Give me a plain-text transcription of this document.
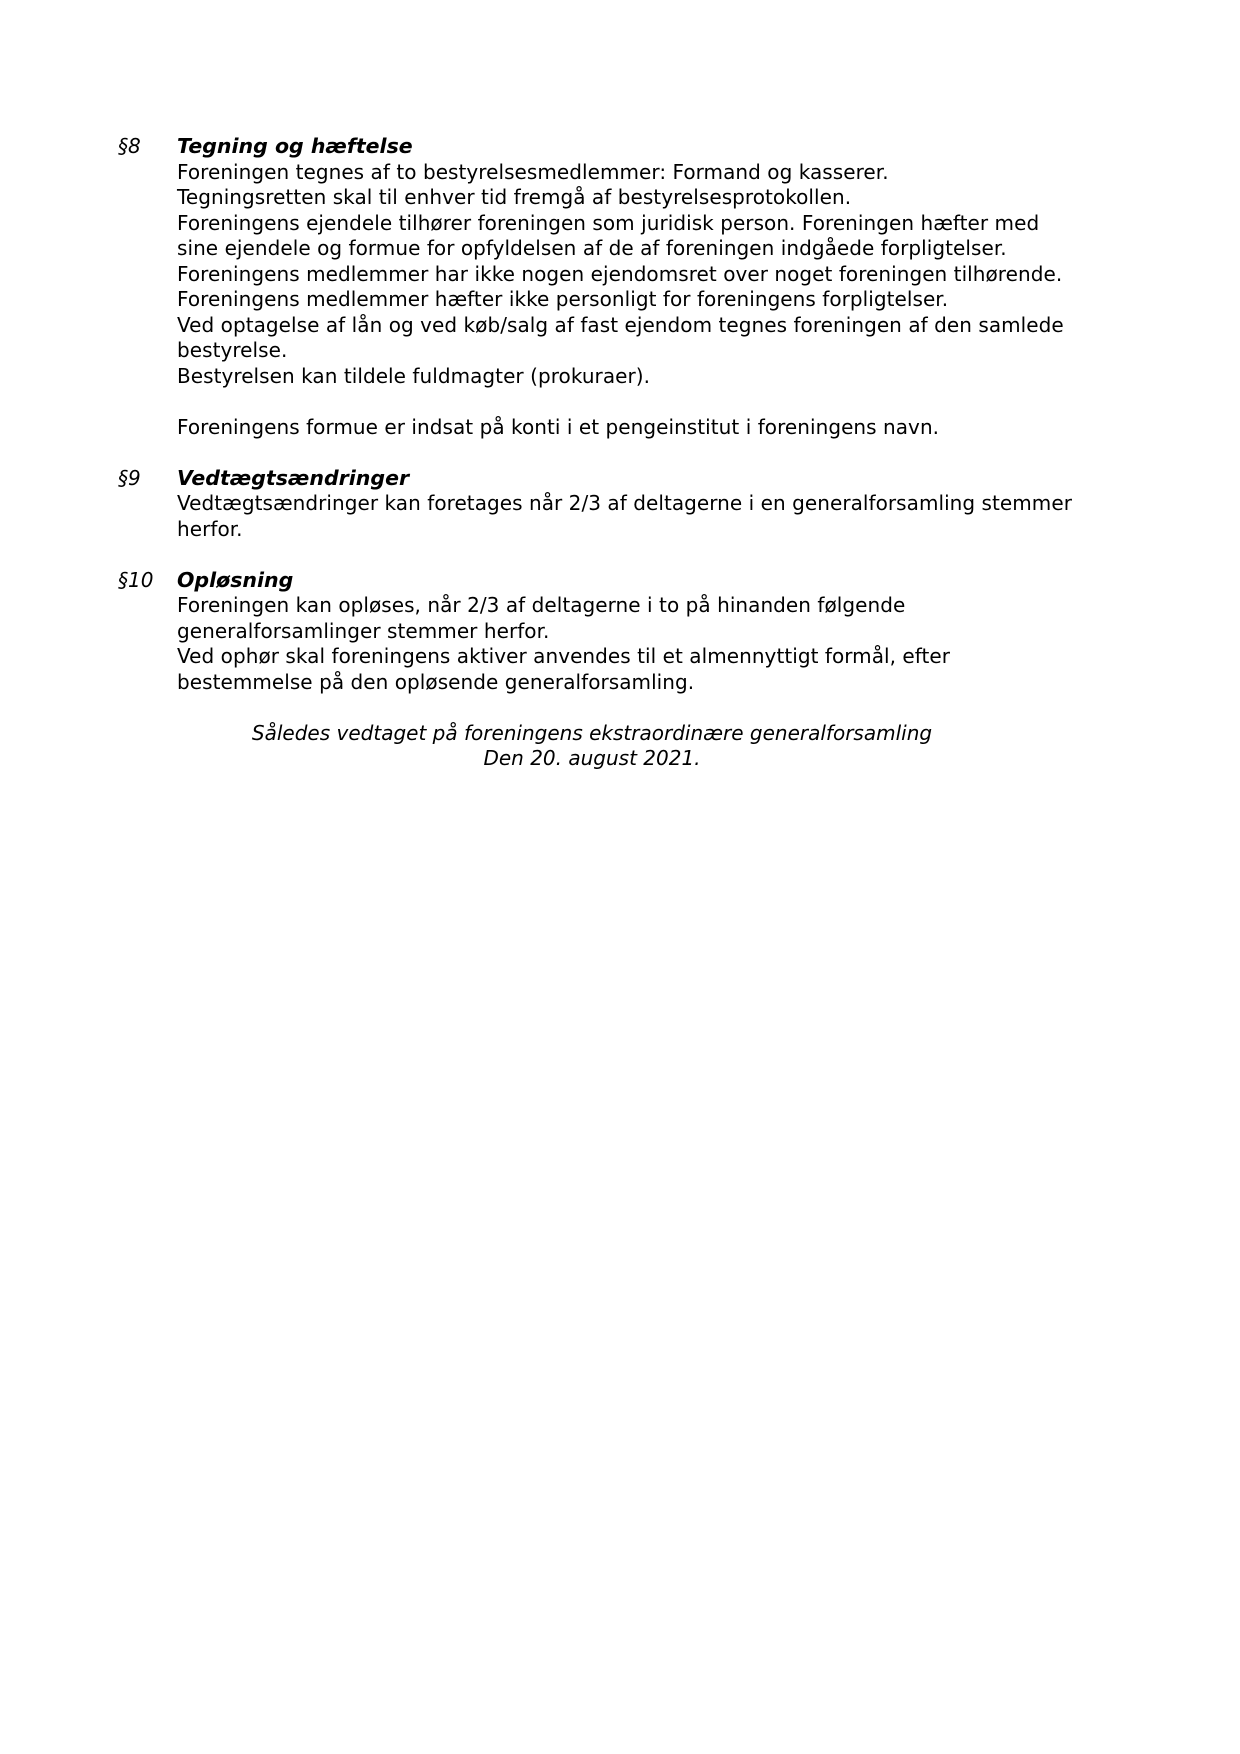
§8	Tegning og hæftelse

Foreningen tegnes af to bestyrelsesmedlemmer: Formand og kasserer.

Tegningsretten skal til enhver tid fremgå af bestyrelsesprotokollen.

Foreningens ejendele tilhører foreningen som juridisk person. Foreningen hæfter med

sine ejendele og formue for opfyldelsen af de af foreningen indgåede forpligtelser.

Foreningens medlemmer har ikke nogen ejendomsret over noget foreningen tilhørende.

Foreningens medlemmer hæfter ikke personligt for foreningens forpligtelser.

Ved optagelse af lån og ved køb/salg af fast ejendom tegnes foreningen af den samlede

bestyrelse.

Bestyrelsen kan tildele fuldmagter (prokuraer).

Foreningens formue er indsat på konti i et pengeinstitut i foreningens navn.

§9	Vedtægtsændringer

Vedtægtsændringer kan foretages når 2/3 af deltagerne i en generalforsamling stemmer

herfor.

§10	Opløsning

Foreningen kan opløses, når 2/3 af deltagerne i to på hinanden følgende

generalforsamlinger stemmer herfor.

Ved ophør skal foreningens aktiver anvendes til et almennyttigt formål, efter

bestemmelse på den opløsende generalforsamling.

Således vedtaget på foreningens ekstraordinære generalforsamling

Den 20. august 2021.
